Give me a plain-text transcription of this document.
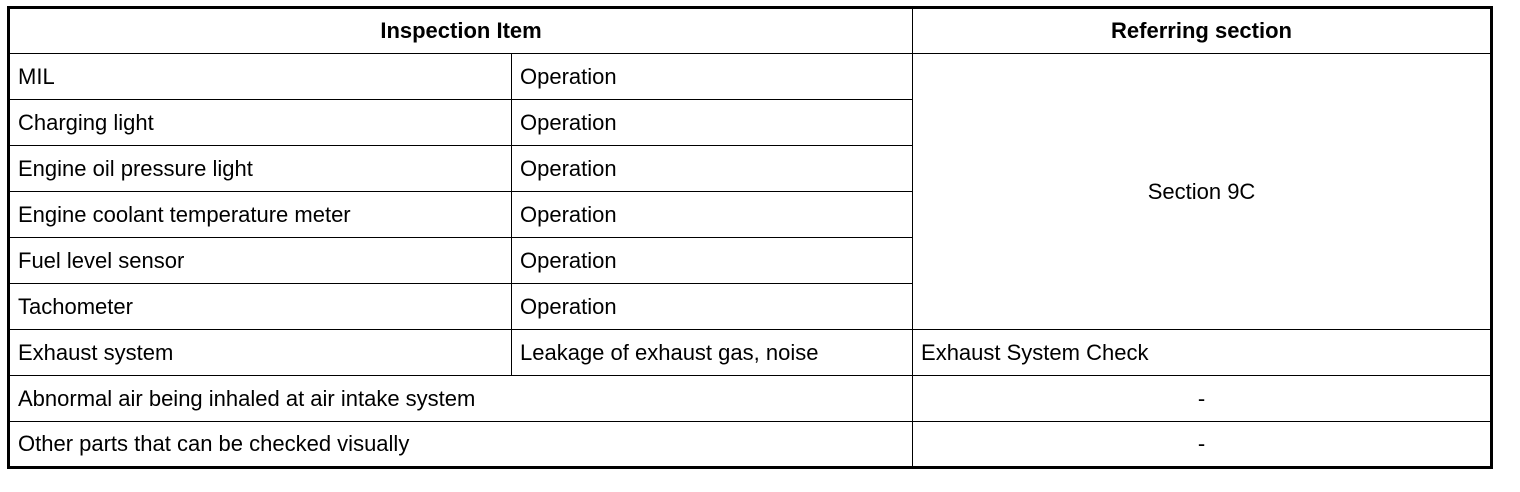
Inspection Item		Referring section
MIL	Operation	Section 9C
Charging light	Operation	
Engine oil pressure light	Operation	
Engine coolant temperature meter	Operation	
Fuel level sensor	Operation	
Tachometer	Operation	
Exhaust system	Leakage of exhaust gas, noise	Exhaust System Check
Abnormal air being inhaled at air intake system		-
Other parts that can be checked visually		-
